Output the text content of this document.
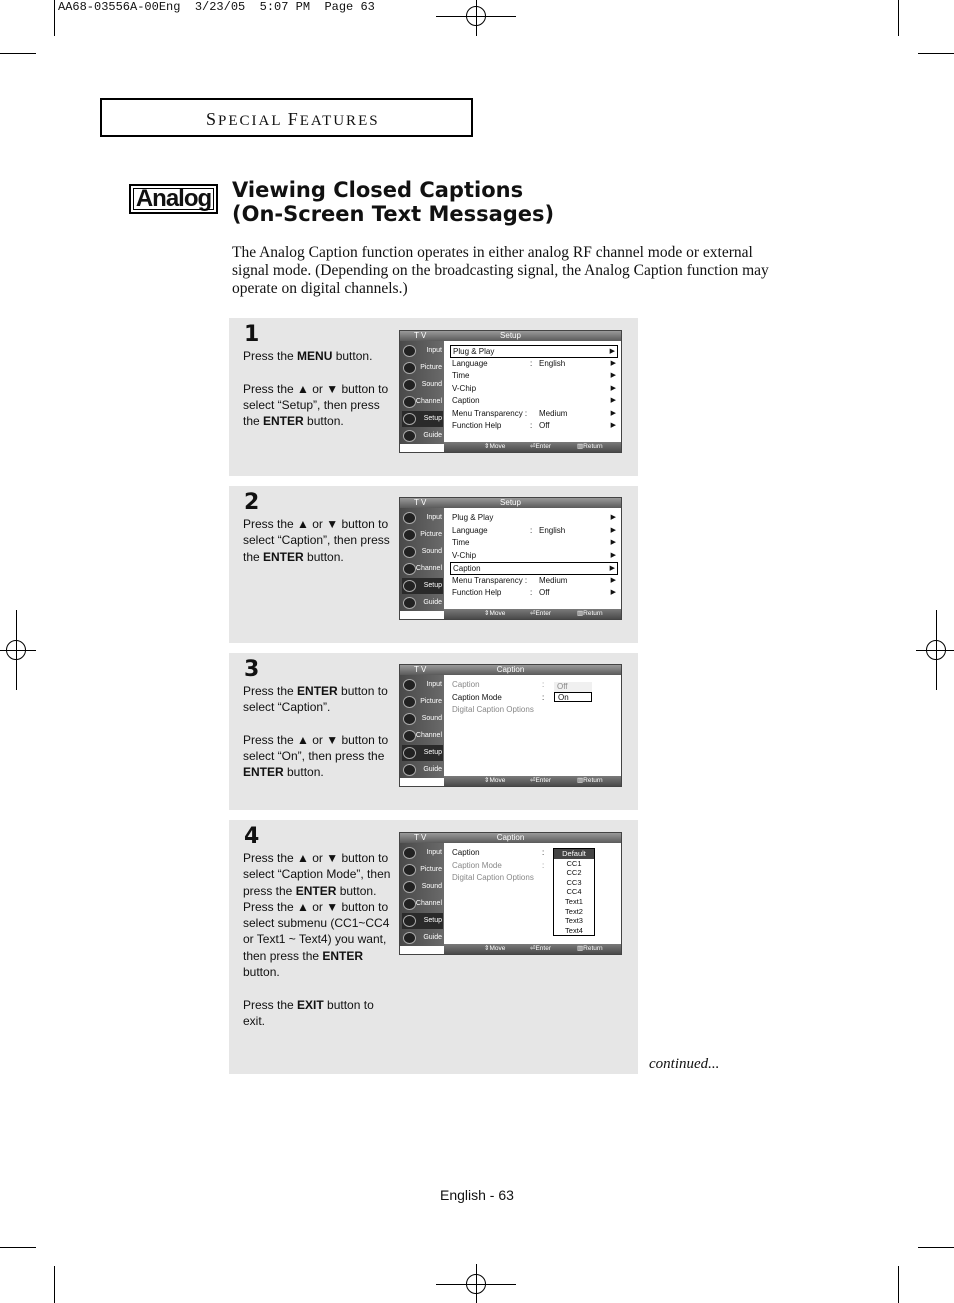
AA68-03556A-00Eng  3/23/05  5:07 PM  Page 63
SPECIAL FEATURES
Analog Viewing Closed Captions
(On-Screen Text Messages)
The Analog Caption function operates in either analog RF channel mode or external signal mode. (Depending on the broadcasting signal, the Analog Caption function may operate on digital channels.)
1

Press the MENU button.

Press the ▲ or ▼ button to select “Setup”, then press the ENTER button.

T V	Setup
Input
Picture
Sound
Channel
Setup
Guide
Plug & Play	▶
Language	: English	▶
Time	▶
V-Chip	▶
Caption	▶
Menu Transparency : Medium	▶
Function Help	: Off	▶
⇕ Move	⏎ Enter	▥ Return
2

Press the ▲ or ▼ button to select “Caption”, then press the ENTER button.

T V	Setup
Input
Picture
Sound
Channel
Setup
Guide
Plug & Play	▶
Language	: English	▶
Time	▶
V-Chip	▶
Caption	▶
Menu Transparency : Medium	▶
Function Help	: Off	▶
⇕ Move	⏎ Enter	▥ Return
3

Press the ENTER button to select “Caption”.

Press the ▲ or ▼ button to select “On”, then press the ENTER button.

T V	Caption
Input
Picture
Sound
Channel
Setup
Guide
Caption	:
Caption Mode	:
Digital Caption Options
Off
On
⇕ Move	⏎ Enter	▥ Return
4

Press the ▲ or ▼ button to select “Caption Mode”, then press the ENTER button.

Press the ▲ or ▼ button to select submenu (CC1~CC4 or Text1 ~ Text4) you want, then press the ENTER button.

Press the EXIT button to exit.

T V	Caption
Input
Picture
Sound
Channel
Setup
Guide
Caption	:
Caption Mode	:
Digital Caption Options
Default
CC1
CC2
CC3
CC4
Text1
Text2
Text3
Text4
⇕ Move	⏎ Enter	▥ Return
continued...
English - 63
